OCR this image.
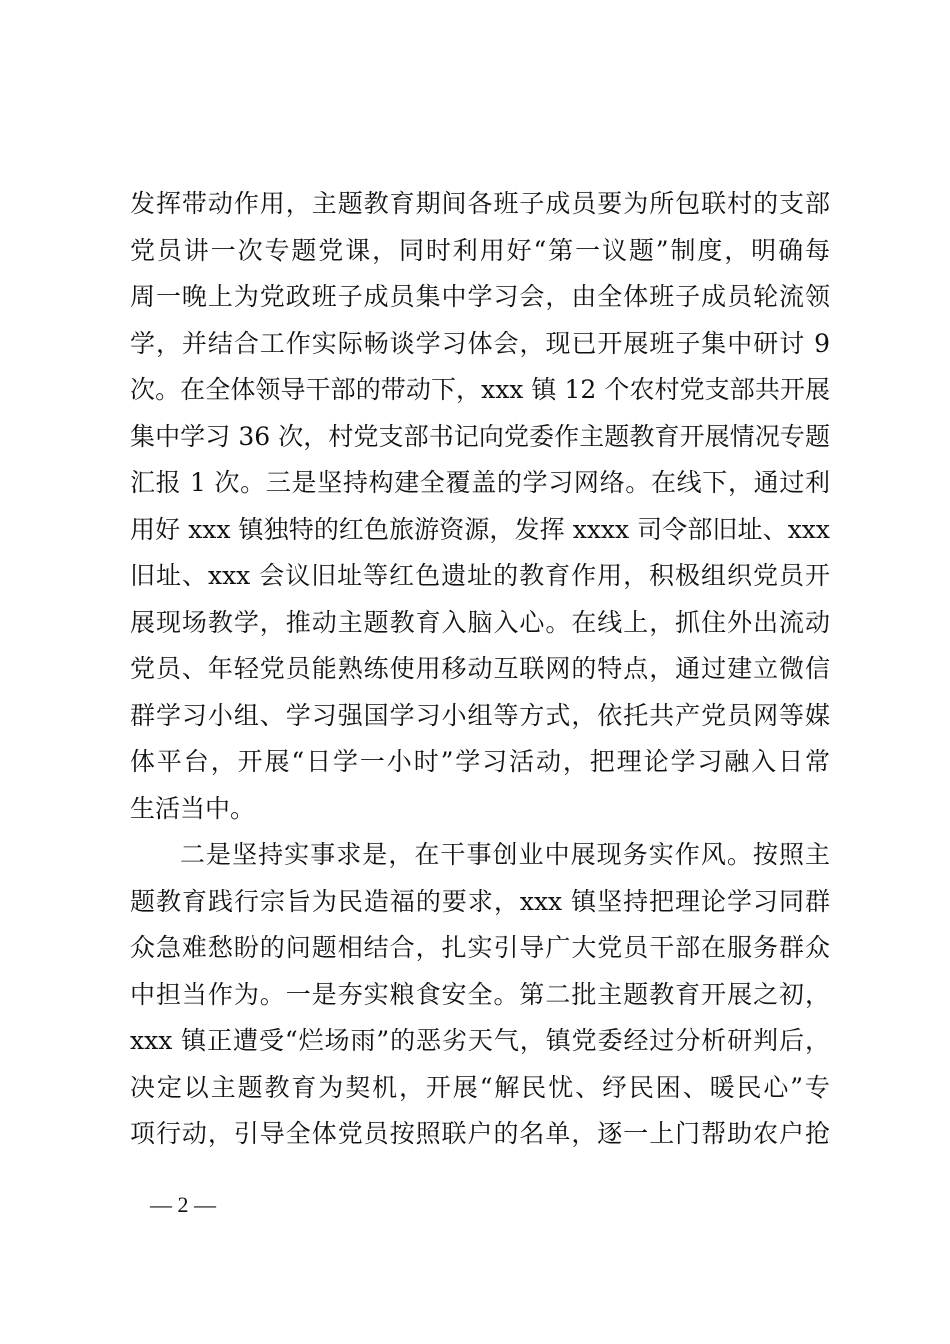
发挥带动作用，主题教育期间各班子成员要为所包联村的支部
党员讲一次专题党课，同时利用好“第一议题”制度，明确每
周一晚上为党政班子成员集中学习会，由全体班子成员轮流领
学，并结合工作实际畅谈学习体会，现已开展班子集中研讨 9
次。在全体领导干部的带动下，xxx 镇 12 个农村党支部共开展
集中学习 36 次，村党支部书记向党委作主题教育开展情况专题
汇报 1 次。三是坚持构建全覆盖的学习网络。在线下，通过利
用好 xxx 镇独特的红色旅游资源，发挥 xxxx 司令部旧址、xxx
旧址、xxx 会议旧址等红色遗址的教育作用，积极组织党员开
展现场教学，推动主题教育入脑入心。在线上，抓住外出流动
党员、年轻党员能熟练使用移动互联网的特点，通过建立微信
群学习小组、学习强国学习小组等方式，依托共产党员网等媒
体平台，开展“日学一小时”学习活动，把理论学习融入日常
生活当中。
二是坚持实事求是，在干事创业中展现务实作风。按照主
题教育践行宗旨为民造福的要求，xxx 镇坚持把理论学习同群
众急难愁盼的问题相结合，扎实引导广大党员干部在服务群众
中担当作为。一是夯实粮食安全。第二批主题教育开展之初，
xxx 镇正遭受“烂场雨”的恶劣天气，镇党委经过分析研判后，
决定以主题教育为契机，开展“解民忧、纾民困、暖民心”专
项行动，引导全体党员按照联户的名单，逐一上门帮助农户抢
— 2 —
